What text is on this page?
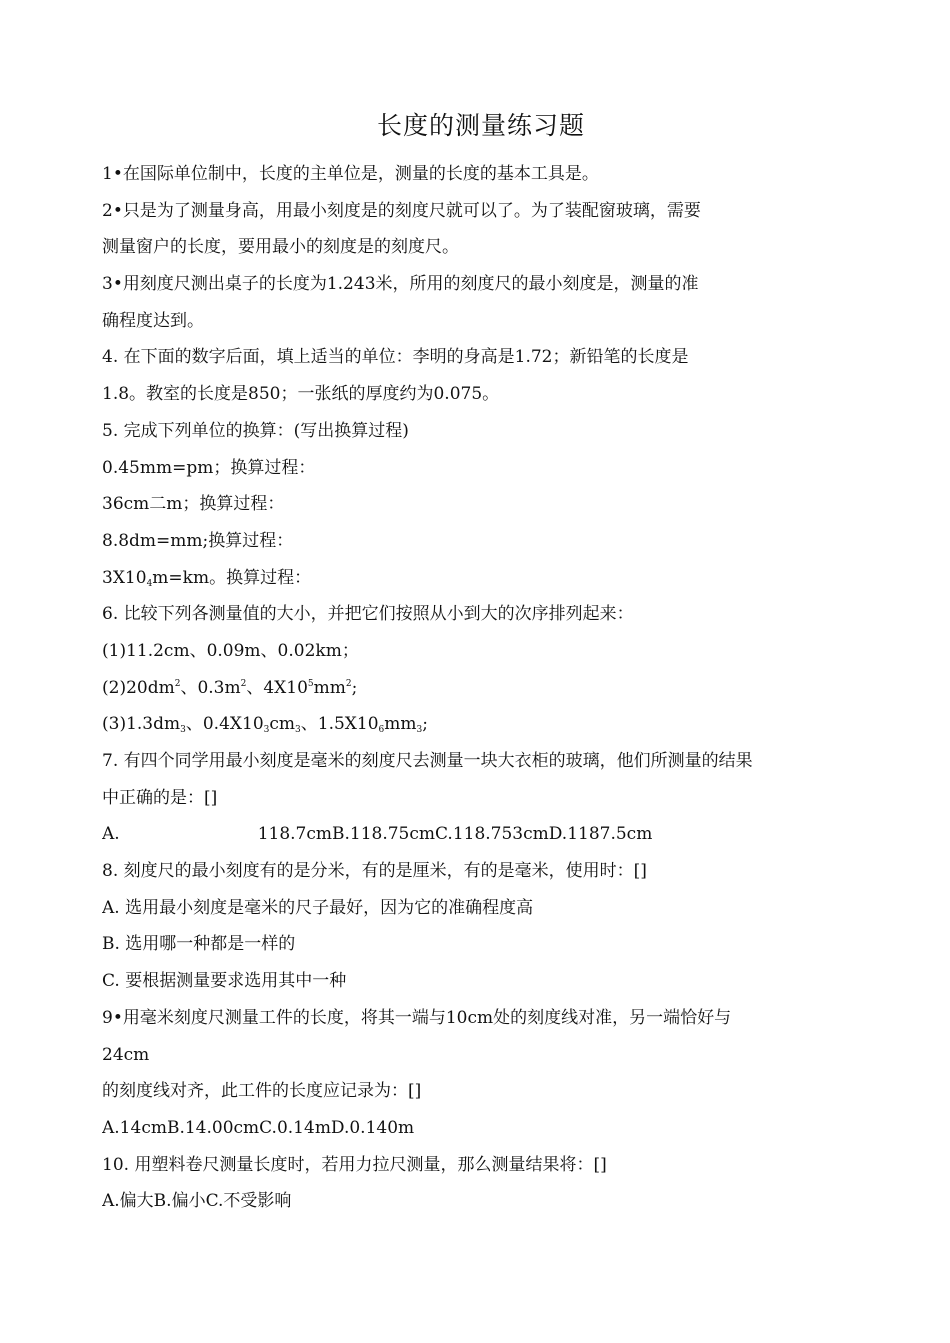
长度的测量练习题
1•在国际单位制中，长度的主单位是，测量的长度的基本工具是。
2•只是为了测量身高，用最小刻度是的刻度尺就可以了。为了装配窗玻璃，需要
测量窗户的长度，要用最小的刻度是的刻度尺。
3•用刻度尺测出桌子的长度为1.243米，所用的刻度尺的最小刻度是，测量的准
确程度达到。
4. 在下面的数字后面，填上适当的单位：李明的身高是1.72；新铅笔的长度是
1.8。教室的长度是850；一张纸的厚度约为0.075。
5. 完成下列单位的换算：(写出换算过程)
0.45mm=pm；换算过程：
36cm二m；换算过程：
8.8dm=mm;换算过程：
$3X10_4m=km$。换算过程：
6. 比较下列各测量值的大小，并把它们按照从小到大的次序排列起来：
(1)11.2cm、0.09m、0.02km；
$(2)20dm^2$、$0.3m^2$、$4X10^5mm^2$;
$(3)1.3dm_3$、$0.4X10_3cm_3$、$1.5X10_6mm_3$;
7. 有四个同学用最小刻度是毫米的刻度尺去测量一块大衣柜的玻璃，他们所测量的结果
中正确的是：[]
A.	118.7cmB.118.75cmC.118.753cmD.1187.5cm
8. 刻度尺的最小刻度有的是分米，有的是厘米，有的是毫米，使用时：[]
A. 选用最小刻度是毫米的尺子最好，因为它的准确程度高
B. 选用哪一种都是一样的
C. 要根据测量要求选用其中一种
9•用毫米刻度尺测量工件的长度，将其一端与10cm处的刻度线对准，另一端恰好与
24cm
的刻度线对齐，此工件的长度应记录为：[]
A.14cmB.14.00cmC.0.14mD.0.140m
10. 用塑料卷尺测量长度时，若用力拉尺测量，那么测量结果将：[]
A.偏大B.偏小C.不受影响
